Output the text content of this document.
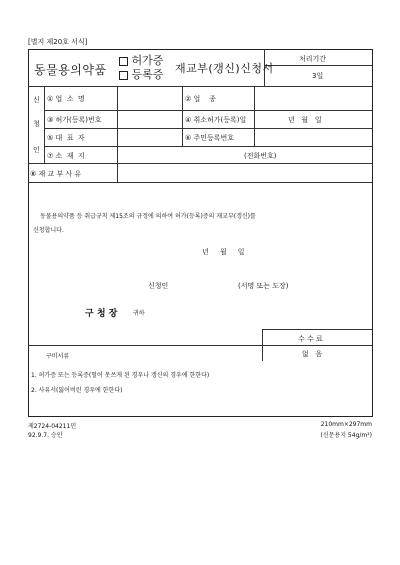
[별지 제20호 서식]
동물용의약품
허가증
등록증 재교부(갱신)신청서
처리기간
3일
신
청
인
① 업  소  명	② 업    종
③ 허가(등록)번호	④ 취소허가(등록)일	년   월   일
⑤ 대  표  자	⑥ 주민등록번호
⑦ 소  재  지	(전화번호)
⑧ 재 교 부 사 유
동물용의약품 등 취급규칙 제15조의 규정에 의하여 허가(등록)증의 재교부(갱신)를
신청합니다.
년     월     일
신청인	(서명 또는 도장)
구 청 장	귀하
수 수 료
없   음
구비서류
1. 허가증 또는 등록증(헐어 못쓰게 된 경우나 갱신의 경우에 한한다)
2. 사유서(잃어버린 경우에 한한다)
제2724-04211민
92.9.7. 승인
210mm×297mm
(신문용지 54g/m²)
